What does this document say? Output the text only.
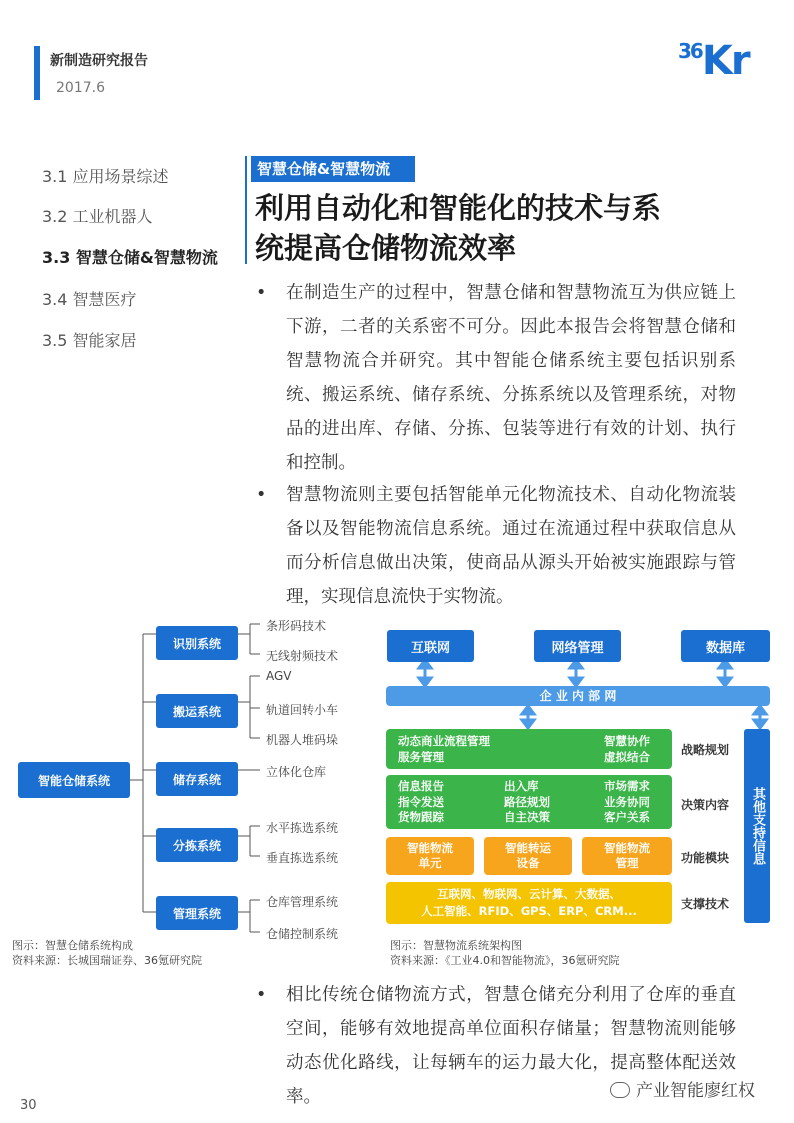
新制造研究报告
2017.6
$^{36}$Kr
3.1 应用场景综述
3.2 工业机器人
3.3 智慧仓储&智慧物流
3.4 智慧医疗
3.5 智能家居
智慧仓储&智慧物流
利用自动化和智能化的技术与系
统提高仓储物流效率
•	在制造生产的过程中，智慧仓储和智慧物流互为供应链上下游，二者的关系密不可分。因此本报告会将智慧仓储和智慧物流合并研究。其中智能仓储系统主要包括识别系统、搬运系统、储存系统、分拣系统以及管理系统，对物品的进出库、存储、分拣、包装等进行有效的计划、执行和控制。
•	智慧物流则主要包括智能单元化物流技术、自动化物流装备以及智能物流信息系统。通过在流通过程中获取信息从而分析信息做出决策，使商品从源头开始被实施跟踪与管理，实现信息流快于实物流。
智能仓储系统
识别系统
搬运系统
储存系统
分拣系统
管理系统
条形码技术
无线射频技术
AGV
轨道回转小车
机器人堆码垛
立体化仓库
水平拣选系统
垂直拣选系统
仓库管理系统
仓储控制系统
图示：智慧仓储系统构成
资料来源：长城国瑞证券、36氪研究院
互联网	网络管理	数据库
企 业 内 部 网
其他支持信息
动态商业流程管理
服务管理
智慧协作
虚拟结合	战略规划
信息报告
指令发送
货物跟踪
出入库
路径规划
自主决策
市场需求
业务协同
客户关系
决策内容
智能物流
单元
智能转运
设备
智能物流
管理	功能模块
互联网、物联网、云计算、大数据、
人工智能、RFID、GPS、ERP、CRM...	支撑技术
图示：智慧物流系统架构图
资料来源：《工业4.0和智能物流》，36氪研究院
•	相比传统仓储物流方式，智慧仓储充分利用了仓库的垂直空间，能够有效地提高单位面积存储量；智慧物流则能够动态优化路线，让每辆车的运力最大化，提高整体配送效率。
30
产业智能廖红权
